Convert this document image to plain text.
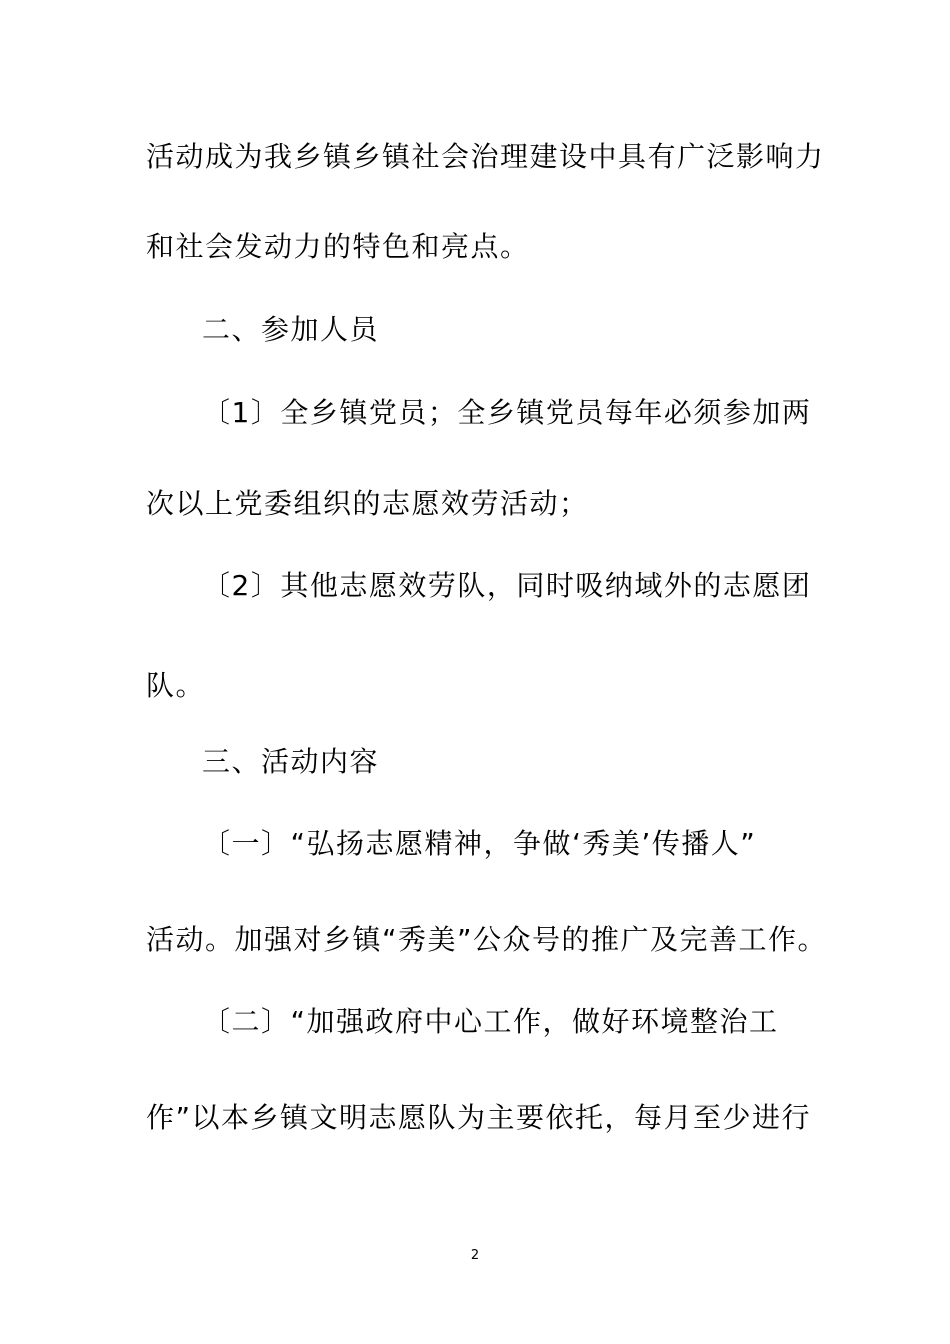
活动成为我乡镇乡镇社会治理建设中具有广泛影响力
和社会发动力的特色和亮点。
二、参加人员
〔1〕全乡镇党员；全乡镇党员每年必须参加两
次以上党委组织的志愿效劳活动；
〔2〕其他志愿效劳队，同时吸纳域外的志愿团
队。
三、活动内容
〔一〕“弘扬志愿精神，争做‘秀美’传播人”
活动。加强对乡镇“秀美”公众号的推广及完善工作。
〔二〕“加强政府中心工作，做好环境整治工
作”以本乡镇文明志愿队为主要依托，每月至少进行
2
